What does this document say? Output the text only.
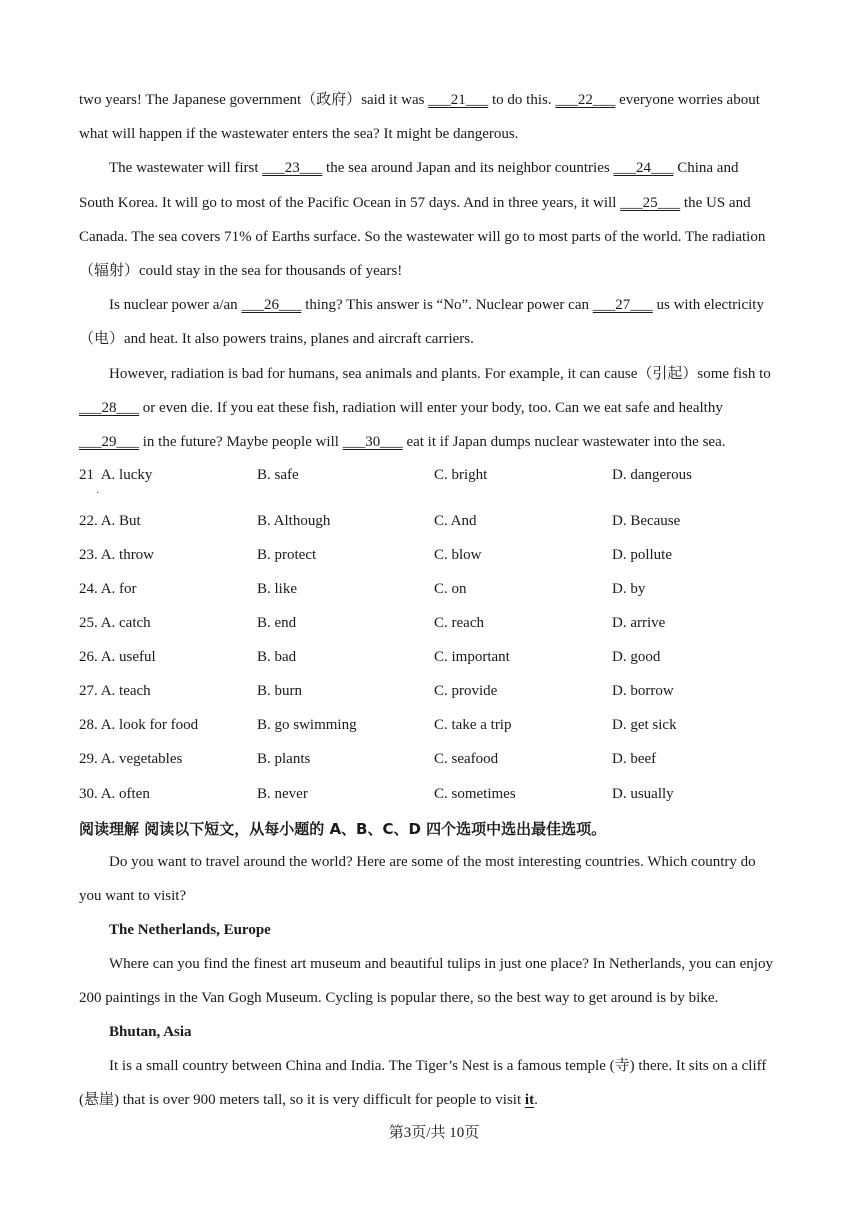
two years! The Japanese government（政府）said it was ___21___ to do this. ___22___ everyone worries about
what will happen if the wastewater enters the sea? It might be dangerous.
The wastewater will first ___23___ the sea around Japan and its neighbor countries ___24___ China and
South Korea. It will go to most of the Pacific Ocean in 57 days. And in three years, it will ___25___ the US and
Canada. The sea covers 71% of Earths surface. So the wastewater will go to most parts of the world. The radiation
（辐射）could stay in the sea for thousands of years!
Is nuclear power a/an ___26___ thing? This answer is “No”. Nuclear power can ___27___ us with electricity
（电）and heat. It also powers trains, planes and aircraft carriers.
However, radiation is bad for humans, sea animals and plants. For example, it can cause（引起）some fish to
___28___ or even die. If you eat these fish, radiation will enter your body, too. Can we eat safe and healthy
___29___ in the future? Maybe people will ___30___ eat it if Japan dumps nuclear wastewater into the sea.
21 A. lucky	B. safe	C. bright	D. dangerous
22. A. But	B. Although	C. And	D. Because
23. A. throw	B. protect	C. blow	D. pollute
24. A. for	B. like	C. on	D. by
25. A. catch	B. end	C. reach	D. arrive
26. A. useful	B. bad	C. important	D. good
27. A. teach	B. burn	C. provide	D. borrow
28. A. look for food	B. go swimming	C. take a trip	D. get sick
29. A. vegetables	B. plants	C. seafood	D. beef
30. A. often	B. never	C. sometimes	D. usually
·
阅读理解 阅读以下短文，从每小题的 A、B、C、D 四个选项中选出最佳选项。
Do you want to travel around the world? Here are some of the most interesting countries. Which country do
you want to visit?
The Netherlands, Europe
Where can you find the finest art museum and beautiful tulips in just one place? In Netherlands, you can enjoy
200 paintings in the Van Gogh Museum. Cycling is popular there, so the best way to get around is by bike.
Bhutan, Asia
It is a small country between China and India. The Tiger’s Nest is a famous temple (寺) there. It sits on a cliff
(悬崖) that is over 900 meters tall, so it is very difficult for people to visit it.
第3页/共 10页
